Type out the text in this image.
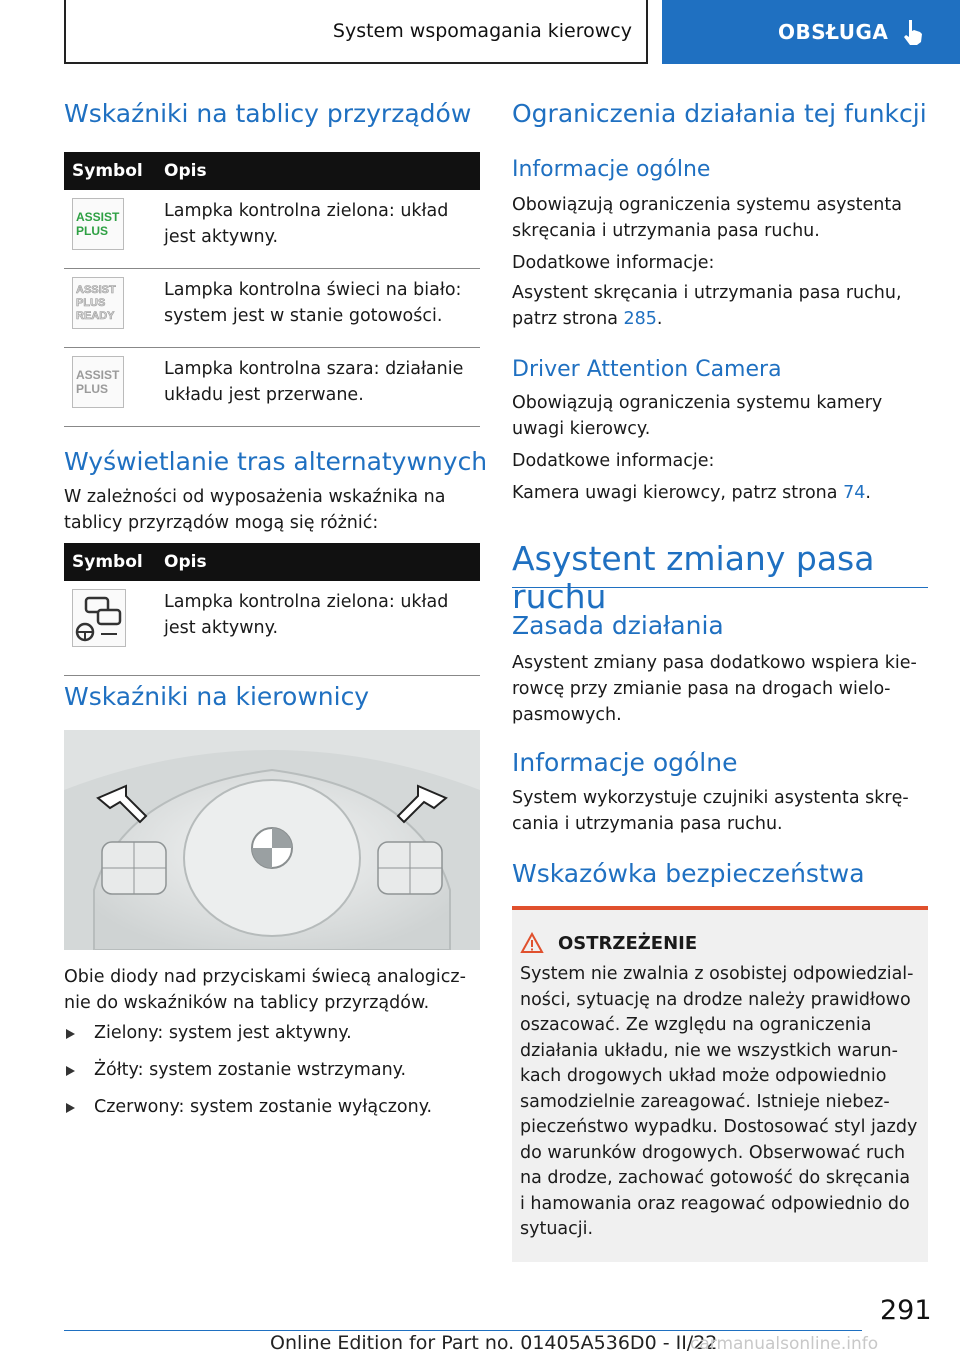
System wspomagania kierowcy	OBSŁUGA
Wskaźniki na tablicy przyrządów
Symbol	Opis

ASSIST
PLUS	Lampka kontrolna zielona: układ jest aktywny.

ASSIST
PLUS
READY	Lampka kontrolna świeci na biało: system jest w stanie gotowości.

ASSIST
PLUS	Lampka kontrolna szara: działanie układu jest przerwane.
Wyświetlanie tras alternatywnych

W zależności od wyposażenia wskaźnika na tablicy przyrządów mogą się różnić:

Symbol	Opis

	Lampka kontrolna zielona: układ jest aktywny.
Wskaźniki na kierownicy

Obie diody nad przyciskami świecą analogicznie do wskaźników na tablicy przyrządów.

Zielony: system jest aktywny.
Żółty: system zostanie wstrzymany.
Czerwony: system zostanie wyłączony.
Ograniczenia działania tej funkcji
Informacje ogólne

Obowiązują ograniczenia systemu asystenta skręcania i utrzymania pasa ruchu.

Dodatkowe informacje:

Asystent skręcania i utrzymania pasa ruchu, patrz strona 285.

Driver Attention Camera

Obowiązują ograniczenia systemu kamery uwagi kierowcy.

Dodatkowe informacje:

Kamera uwagi kierowcy, patrz strona 74.

Asystent zmiany pasa ruchu
Zasada działania

Asystent zmiany pasa dodatkowo wspiera kierowcę przy zmianie pasa na drogach wielopasmowych.

Informacje ogólne

System wykorzystuje czujniki asystenta skręcania i utrzymania pasa ruchu.

Wskazówka bezpieczeństwa
OSTRZEŻENIE

System nie zwalnia z osobistej odpowiedzialności, sytuację na drodze należy prawidłowo oszacować. Ze względu na ograniczenia działania układu, nie we wszystkich warunkach drogowych układ może odpowiednio samodzielnie zareagować. Istnieje niebezpieczeństwo wypadku. Dostosować styl jazdy do warunków drogowych. Obserwować ruch na drodze, zachować gotowość do skręcania i hamowania oraz reagować odpowiednio do sytuacji.

291
Online Edition for Part no. 01405A536D0 - II/22
carmanualsonline.info
